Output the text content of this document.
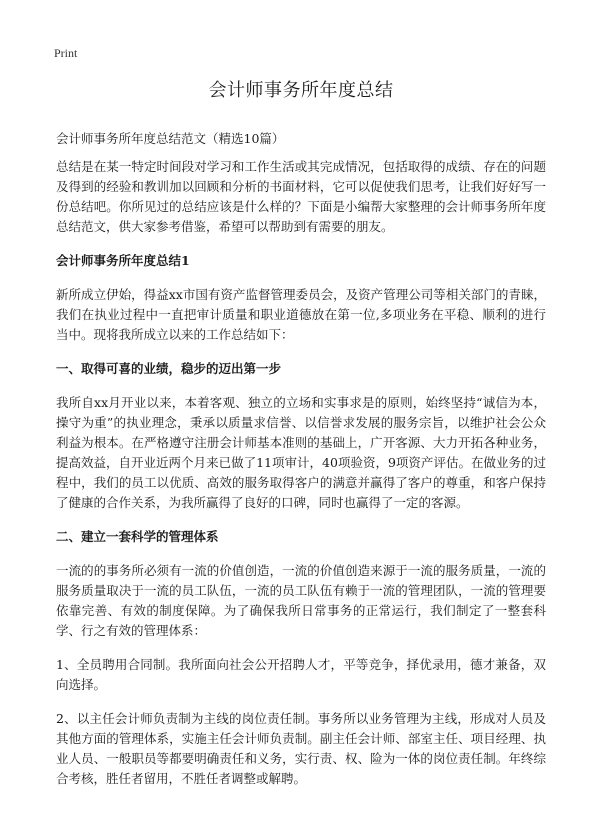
Print
会计师事务所年度总结
会计师事务所年度总结范文（精选10篇）

总结是在某一特定时间段对学习和工作生活或其完成情况，包括取得的成绩、存在的问题及得到的经验和教训加以回顾和分析的书面材料，它可以促使我们思考，让我们好好写一份总结吧。你所见过的总结应该是什么样的？下面是小编帮大家整理的会计师事务所年度总结范文，供大家参考借鉴，希望可以帮助到有需要的朋友。

会计师事务所年度总结1

新所成立伊始，得益xx市国有资产监督管理委员会，及资产管理公司等相关部门的青睐，我们在执业过程中一直把审计质量和职业道德放在第一位,多项业务在平稳、顺利的进行当中。现将我所成立以来的工作总结如下：

一、取得可喜的业绩，稳步的迈出第一步

我所自xx月开业以来，本着客观、独立的立场和实事求是的原则，始终坚持“诚信为本，操守为重”的执业理念，秉承以质量求信誉、以信誉求发展的服务宗旨，以维护社会公众利益为根本。在严格遵守注册会计师基本准则的基础上，广开客源、大力开拓各种业务，提高效益，自开业近两个月来已做了11项审计，40项验资，9项资产评估。在做业务的过程中，我们的员工以优质、高效的服务取得客户的满意并赢得了客户的尊重，和客户保持了健康的合作关系，为我所赢得了良好的口碑，同时也赢得了一定的客源。

二、建立一套科学的管理体系

一流的的事务所必须有一流的价值创造，一流的价值创造来源于一流的服务质量，一流的服务质量取决于一流的员工队伍，一流的员工队伍有赖于一流的管理团队，一流的管理要依靠完善、有效的制度保障。为了确保我所日常事务的正常运行，我们制定了一整套科学、行之有效的管理体系：

1、全员聘用合同制。我所面向社会公开招聘人才，平等竞争，择优录用，德才兼备，双向选择。

2、以主任会计师负责制为主线的岗位责任制。事务所以业务管理为主线，形成对人员及其他方面的管理体系，实施主任会计师负责制。副主任会计师、部室主任、项目经理、执业人员、一般职员等都要明确责任和义务，实行责、权、险为一体的岗位责任制。年终综合考核，胜任者留用，不胜任者调整或解聘。
